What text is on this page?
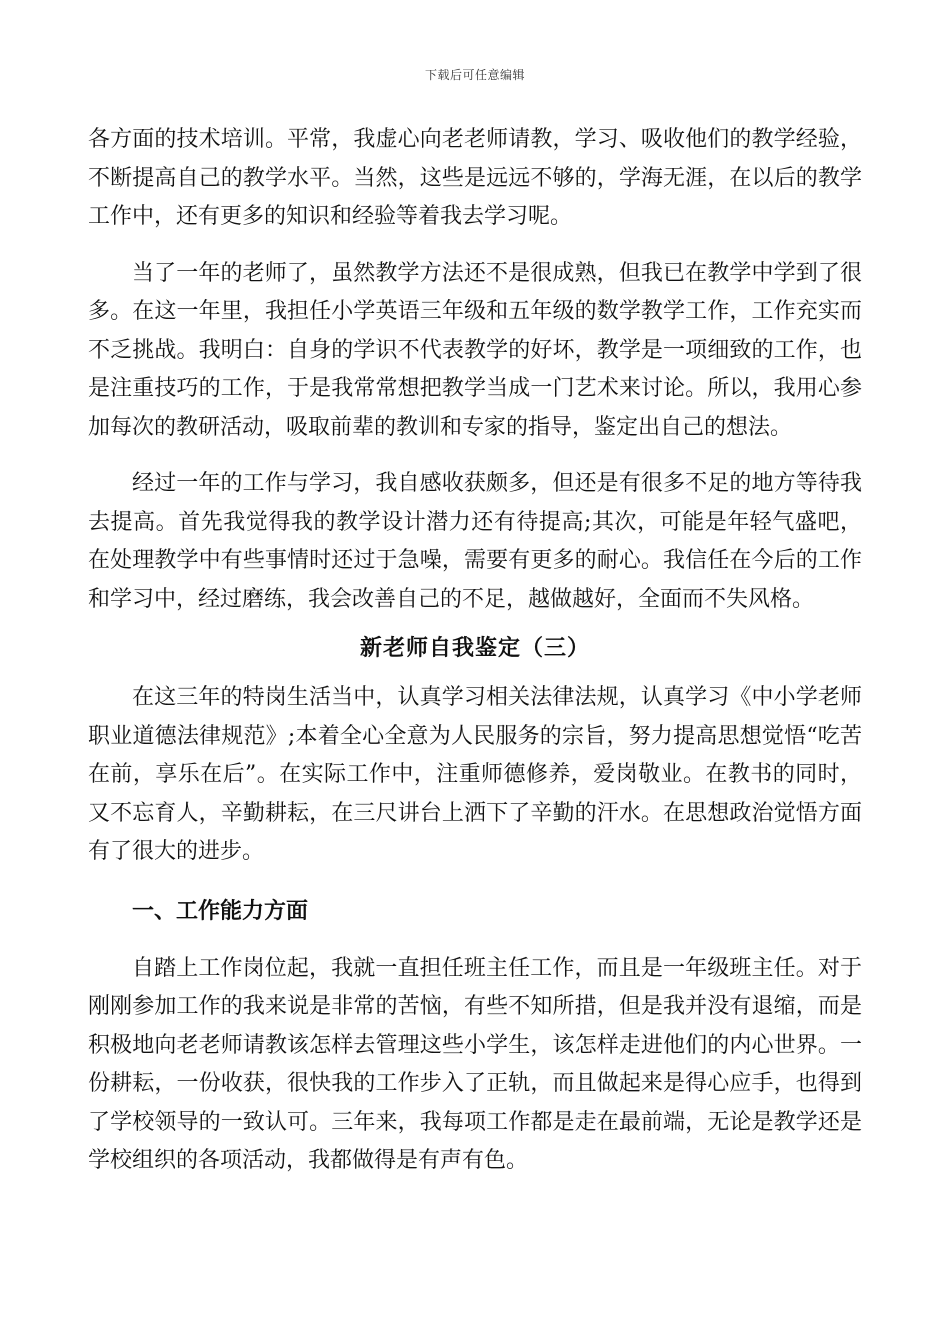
下载后可任意编辑

各方面的技术培训。平常，我虚心向老老师请教，学习、吸收他们的教学经验，不断提高自己的教学水平。当然，这些是远远不够的，学海无涯，在以后的教学工作中，还有更多的知识和经验等着我去学习呢。

当了一年的老师了，虽然教学方法还不是很成熟，但我已在教学中学到了很多。在这一年里，我担任小学英语三年级和五年级的数学教学工作，工作充实而不乏挑战。我明白：自身的学识不代表教学的好坏，教学是一项细致的工作，也是注重技巧的工作，于是我常常想把教学当成一门艺术来讨论。所以，我用心参加每次的教研活动，吸取前辈的教训和专家的指导，鉴定出自己的想法。

经过一年的工作与学习，我自感收获颇多，但还是有很多不足的地方等待我去提高。首先我觉得我的教学设计潜力还有待提高;其次，可能是年轻气盛吧，在处理教学中有些事情时还过于急噪，需要有更多的耐心。我信任在今后的工作和学习中，经过磨练，我会改善自己的不足，越做越好，全面而不失风格。

新老师自我鉴定（三）

在这三年的特岗生活当中，认真学习相关法律法规，认真学习《中小学老师职业道德法律规范》;本着全心全意为人民服务的宗旨，努力提高思想觉悟“吃苦在前，享乐在后”。在实际工作中，注重师德修养，爱岗敬业。在教书的同时，又不忘育人，辛勤耕耘，在三尺讲台上洒下了辛勤的汗水。在思想政治觉悟方面有了很大的进步。

一、工作能力方面

自踏上工作岗位起，我就一直担任班主任工作，而且是一年级班主任。对于刚刚参加工作的我来说是非常的苦恼，有些不知所措，但是我并没有退缩，而是积极地向老老师请教该怎样去管理这些小学生，该怎样走进他们的内心世界。一份耕耘，一份收获，很快我的工作步入了正轨，而且做起来是得心应手，也得到了学校领导的一致认可。三年来，我每项工作都是走在最前端，无论是教学还是学校组织的各项活动，我都做得是有声有色。
